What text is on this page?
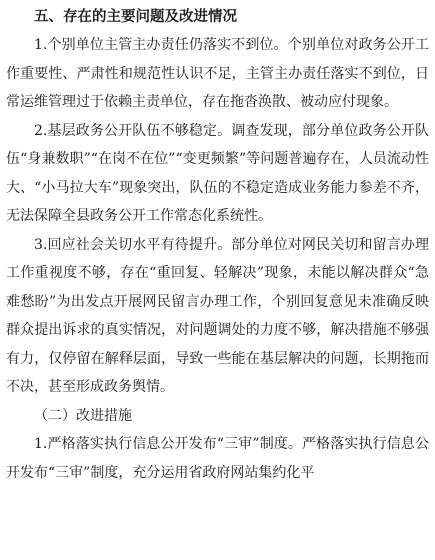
五、存在的主要问题及改进情况

1.个别单位主管主办责任仍落实不到位。个别单位对政务公开工作重要性、严肃性和规范性认识不足，主管主办责任落实不到位，日常运维管理过于依赖主责单位，存在拖沓涣散、被动应付现象。

2.基层政务公开队伍不够稳定。调查发现，部分单位政务公开队伍“身兼数职”“在岗不在位”“变更频繁”等问题普遍存在，人员流动性大、“小马拉大车”现象突出，队伍的不稳定造成业务能力参差不齐，无法保障全县政务公开工作常态化系统性。

3.回应社会关切水平有待提升。部分单位对网民关切和留言办理工作重视度不够，存在“重回复、轻解决”现象，未能以解决群众“急难愁盼”为出发点开展网民留言办理工作，个别回复意见未准确反映群众提出诉求的真实情况，对问题调处的力度不够，解决措施不够强有力，仅停留在解释层面，导致一些能在基层解决的问题，长期拖而不决，甚至形成政务舆情。

（二）改进措施

1.严格落实执行信息公开发布“三审”制度。严格落实执行信息公开发布“三审”制度，充分运用省政府网站集约化平
